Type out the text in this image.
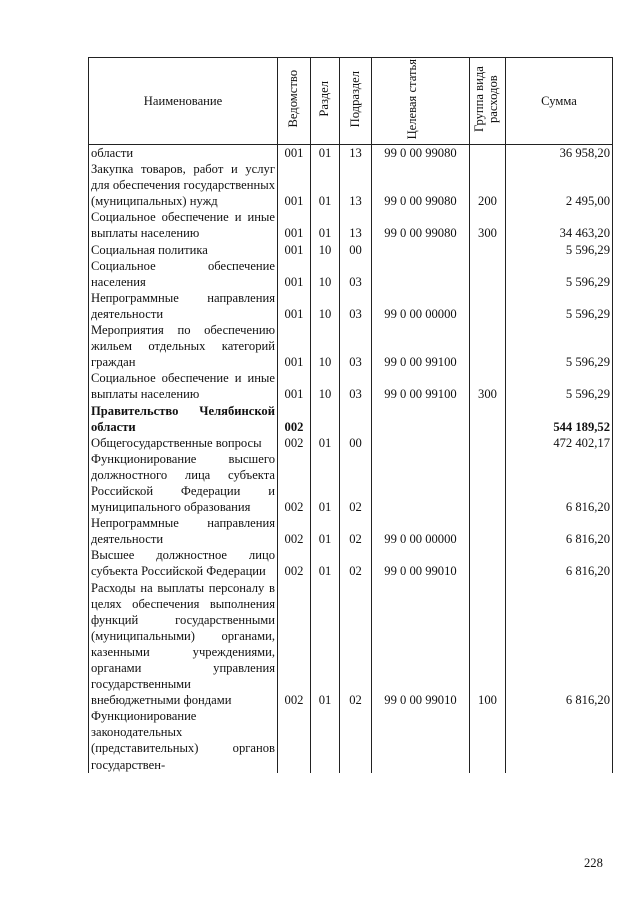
Наименование	Ведомство	Раздел	Подраздел	Целевая статья	Группа вида расходов	Сумма
области	001	01	13	99 0 00 99080		36 958,20
Закупка товаров, работ и услуг для обеспечения государственных (муниципальных) нужд	001	01	13	99 0 00 99080	200	2 495,00
Социальное обеспечение и иные выплаты населению	001	01	13	99 0 00 99080	300	34 463,20
Социальная политика	001	10	00			5 596,29
Социальное обеспечение населения	001	10	03			5 596,29
Непрограммные направления деятельности	001	10	03	99 0 00 00000		5 596,29
Мероприятия по обеспечению жильем отдельных категорий граждан	001	10	03	99 0 00 99100		5 596,29
Социальное обеспечение и иные выплаты населению	001	10	03	99 0 00 99100	300	5 596,29
Правительство Челябинской области	002					544 189,52
Общегосударственные вопросы	002	01	00			472 402,17
Функционирование высшего должностного лица субъекта Российской Федерации и муниципального образования	002	01	02			6 816,20
Непрограммные направления деятельности	002	01	02	99 0 00 00000		6 816,20
Высшее должностное лицо субъекта Российской Федерации	002	01	02	99 0 00 99010		6 816,20
Расходы на выплаты персоналу в целях обеспечения выполнения функций государственными (муниципальными) органами, казенными учреждениями, органами управления государственными внебюджетными фондами	002	01	02	99 0 00 99010	100	6 816,20
Функционирование законодательных (представительных) органов государствен-						
228
